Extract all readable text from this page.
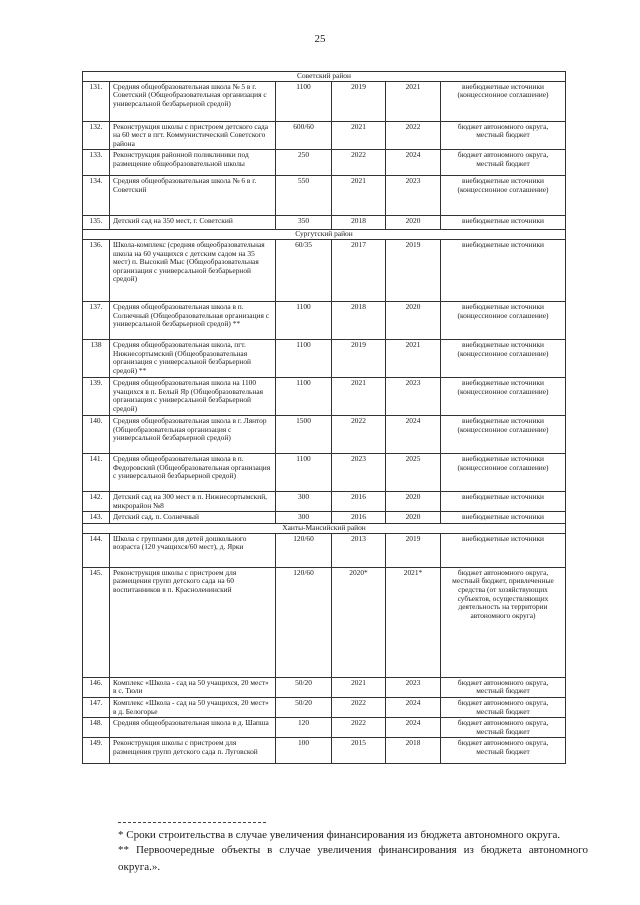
25
Советский район					
131.	Средняя общеобразовательная школа № 5 в г. Советский (Общеобразовательная организация с универсальной безбарьерной средой)	1100	2019	2021	внебюджетные источники (концессионное соглашение)
132.	Реконструкция школы с пристроем детского сада на 60 мест в пгт. Коммунистический Советского района	600/60	2021	2022	бюджет автономного округа, местный бюджет
133.	Реконструкция районной поликлиники под размещение общеобразовательной школы	250	2022	2024	бюджет автономного округа, местный бюджет
134.	Средняя общеобразовательная школа № 6 в г. Советский	550	2021	2023	внебюджетные источники (концессионное соглашение)
135.	Детский сад на 350 мест, г. Советский	350	2018	2020	внебюджетные источники
Сургутский район					
136.	Школа-комплекс (средняя общеобразовательная школа на 60 учащихся с детским садом на 35 мест) п. Высокий Мыс (Общеобразовательная организация с универсальной безбарьерной средой)	60/35	2017	2019	внебюджетные источники
137.	Средняя общеобразовательная школа в п. Солнечный (Общеобразовательная организация с универсальной безбарьерной средой) **	1100	2018	2020	внебюджетные источники (концессионное соглашение)
138	Средняя общеобразовательная школа, пгт. Нижнесортымский (Общеобразовательная организация с универсальной безбарьерной средой) **	1100	2019	2021	внебюджетные источники (концессионное соглашение)
139.	Средняя общеобразовательная школа на 1100 учащихся в п. Белый Яр (Общеобразовательная организация с универсальной безбарьерной средой)	1100	2021	2023	внебюджетные источники (концессионное соглашение)
140.	Средняя общеобразовательная школа в г. Лянтор (Общеобразовательная организация с универсальной безбарьерной средой)	1500	2022	2024	внебюджетные источники (концессионное соглашение)
141.	Средняя общеобразовательная школа в п. Федоровский (Общеобразовательная организация с универсальной безбарьерной средой)	1100	2023	2025	внебюджетные источники (концессионное соглашение)
142.	Детский сад на 300 мест в п. Нижнесортымский, микрорайон №8	300	2016	2020	внебюджетные источники
143.	Детский сад, п. Солнечный	300	2016	2020	внебюджетные источники
Ханты-Мансийский район					
144.	Школа с группами для детей дошкольного возраста (120 учащихся/60 мест), д. Ярки	120/60	2013	2019	внебюджетные источники
145.	Реконструкция школы с пристроем для размещения групп детского сада на 60 воспитанников в п. Красноленинский	120/60	2020*	2021*	бюджет автономного округа, местный бюджет, привлеченные средства (от хозяйствующих субъектов, осуществляющих деятельность на территории автономного округа)
146.	Комплекс «Школа - сад на 50 учащихся, 20 мест» в с. Тюли	50/20	2021	2023	бюджет автономного округа, местный бюджет
147.	Комплекс «Школа - сад на 50 учащихся, 20 мест» в д. Белогорье	50/20	2022	2024	бюджет автономного округа, местный бюджет
148.	Средняя общеобразовательная школа в д. Шапша	120	2022	2024	бюджет автономного округа, местный бюджет
149.	Реконструкция школы с пристроем для размещения групп детского сада п. Луговской	100	2015	2018	бюджет автономного округа, местный бюджет
* Сроки строительства в случае увеличения финансирования из бюджета автономного округа.
** Первоочередные объекты в случае увеличения финансирования из бюджета автономного
округа.».
